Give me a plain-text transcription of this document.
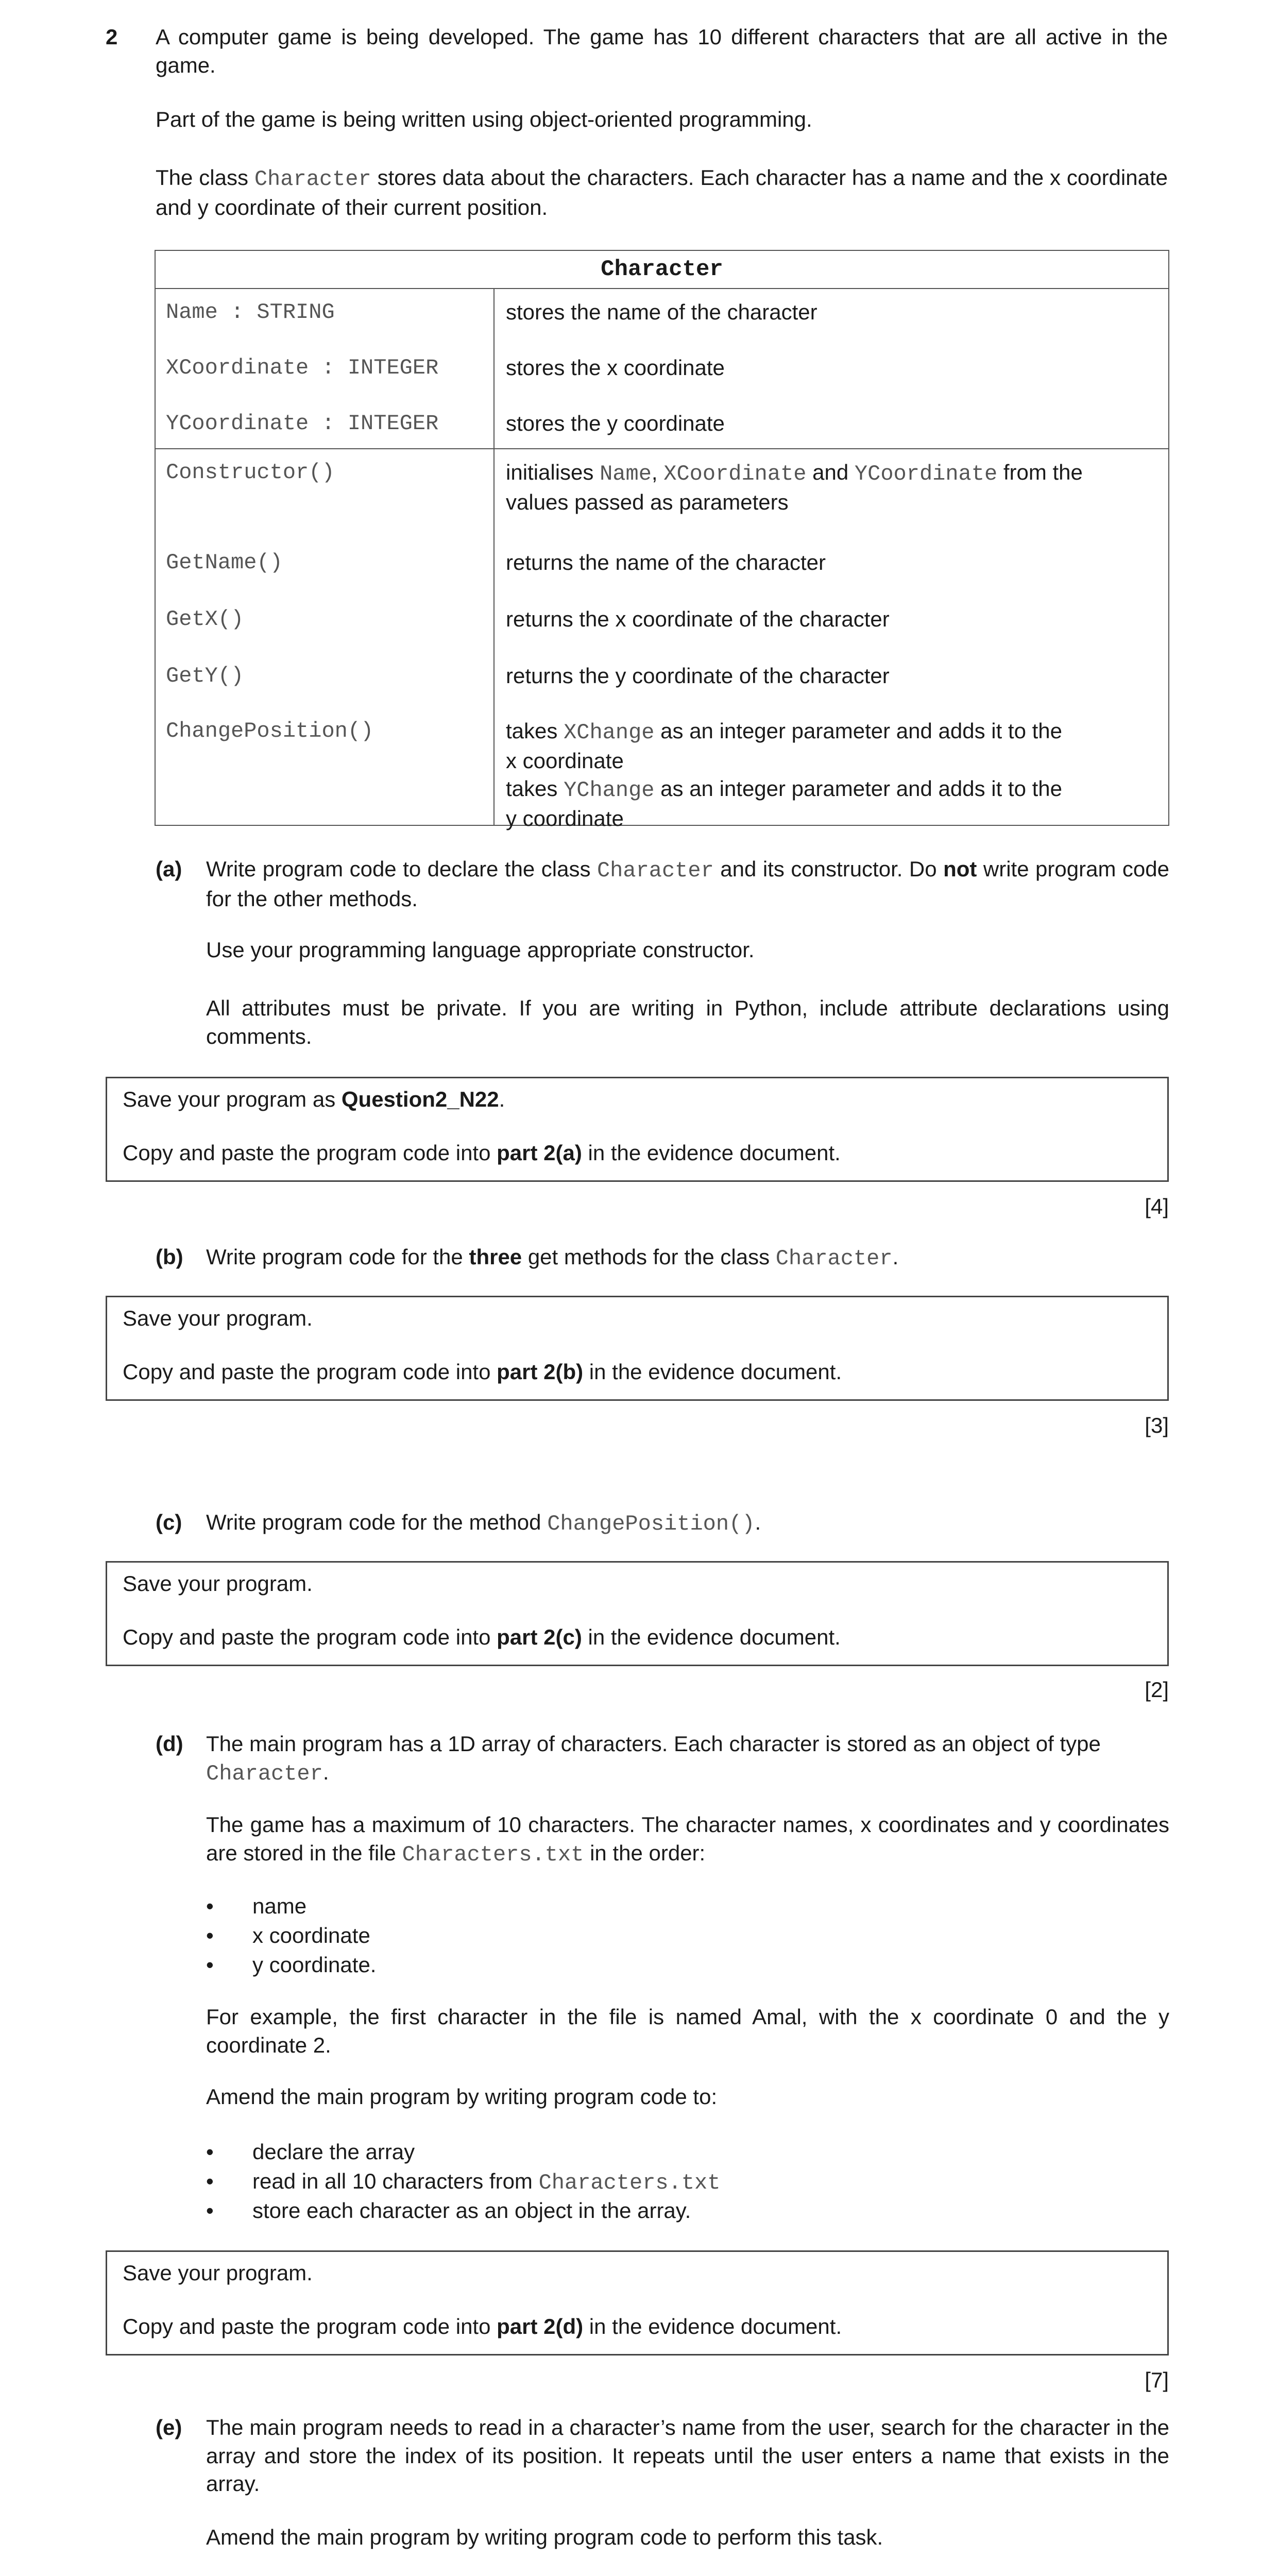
2 A computer game is being developed. The game has 10 different characters that are all active in the game.

Part of the game is being written using object-oriented programming.

The class Character stores data about the characters. Each character has a name and the x coordinate and y coordinate of their current position.

Character
Name : STRING	stores the name of the character
XCoordinate : INTEGER	stores the x coordinate
YCoordinate : INTEGER	stores the y coordinate
Constructor()	initialises Name, XCoordinate and YCoordinate from the
values passed as parameters
GetName()	returns the name of the character
GetX()	returns the x coordinate of the character
GetY()	returns the y coordinate of the character
ChangePosition()	takes XChange as an integer parameter and adds it to the
x coordinate
takes YChange as an integer parameter and adds it to the
y coordinate
(a) Write program code to declare the class Character and its constructor. Do not write program code for the other methods.

Use your programming language appropriate constructor.

All attributes must be private. If you are writing in Python, include attribute declarations using comments.

Save your program as Question2_N22.
Copy and paste the program code into part 2(a) in the evidence document.
[4]
(b) Write program code for the three get methods for the class Character.

Save your program.
Copy and paste the program code into part 2(b) in the evidence document.
[3]
(c) Write program code for the method ChangePosition().

Save your program.
Copy and paste the program code into part 2(c) in the evidence document.
[2]
(d) The main program has a 1D array of characters. Each character is stored as an object of type
Character.

The game has a maximum of 10 characters. The character names, x coordinates and y coordinates are stored in the file Characters.txt in the order:

• name
• x coordinate
• y coordinate.

For example, the first character in the file is named Amal, with the x coordinate 0 and the y coordinate 2.

Amend the main program by writing program code to:

• declare the array
• read in all 10 characters from Characters.txt
• store each character as an object in the array.
Save your program.
Copy and paste the program code into part 2(d) in the evidence document.
[7]
(e) The main program needs to read in a character’s name from the user, search for the character in the array and store the index of its position. It repeats until the user enters a name that exists in the array.

Amend the main program by writing program code to perform this task.
